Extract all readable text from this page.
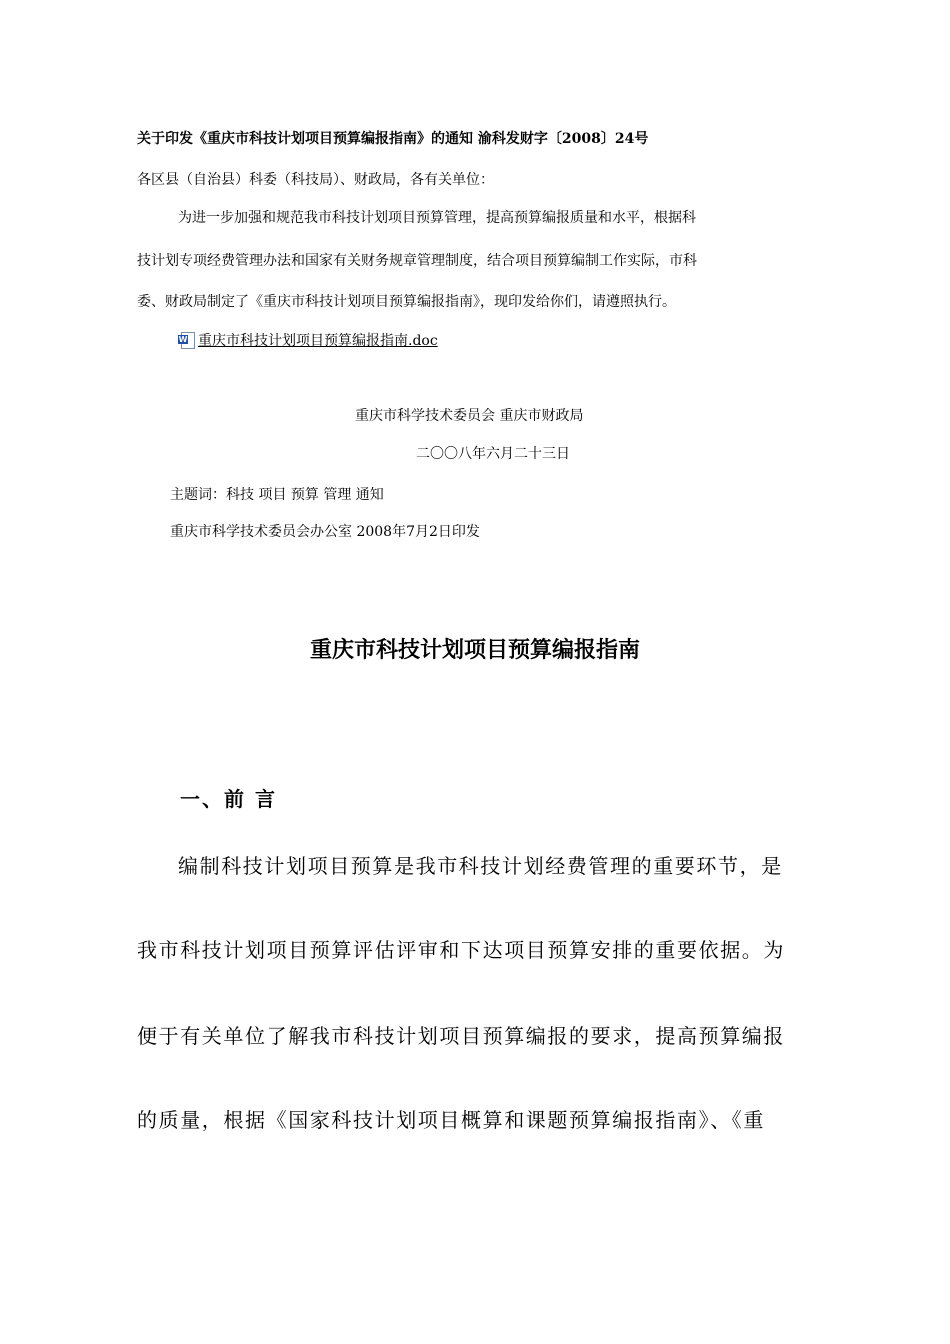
关于印发《重庆市科技计划项目预算编报指南》的通知 渝科发财字〔2008〕24号
各区县（自治县）科委（科技局）、财政局，各有关单位：
为进一步加强和规范我市科技计划项目预算管理，提高预算编报质量和水平，根据科
技计划专项经费管理办法和国家有关财务规章管理制度，结合项目预算编制工作实际，市科
委、财政局制定了《重庆市科技计划项目预算编报指南》，现印发给你们，请遵照执行。
W 重庆市科技计划项目预算编报指南.doc
重庆市科学技术委员会 重庆市财政局
二〇〇八年六月二十三日
主题词：科技 项目 预算 管理 通知
重庆市科学技术委员会办公室 2008年7月2日印发
重庆市科技计划项目预算编报指南
一、前 言
编制科技计划项目预算是我市科技计划经费管理的重要环节，是
我市科技计划项目预算评估评审和下达项目预算安排的重要依据。为
便于有关单位了解我市科技计划项目预算编报的要求，提高预算编报
的质量，根据《国家科技计划项目概算和课题预算编报指南》、《重
